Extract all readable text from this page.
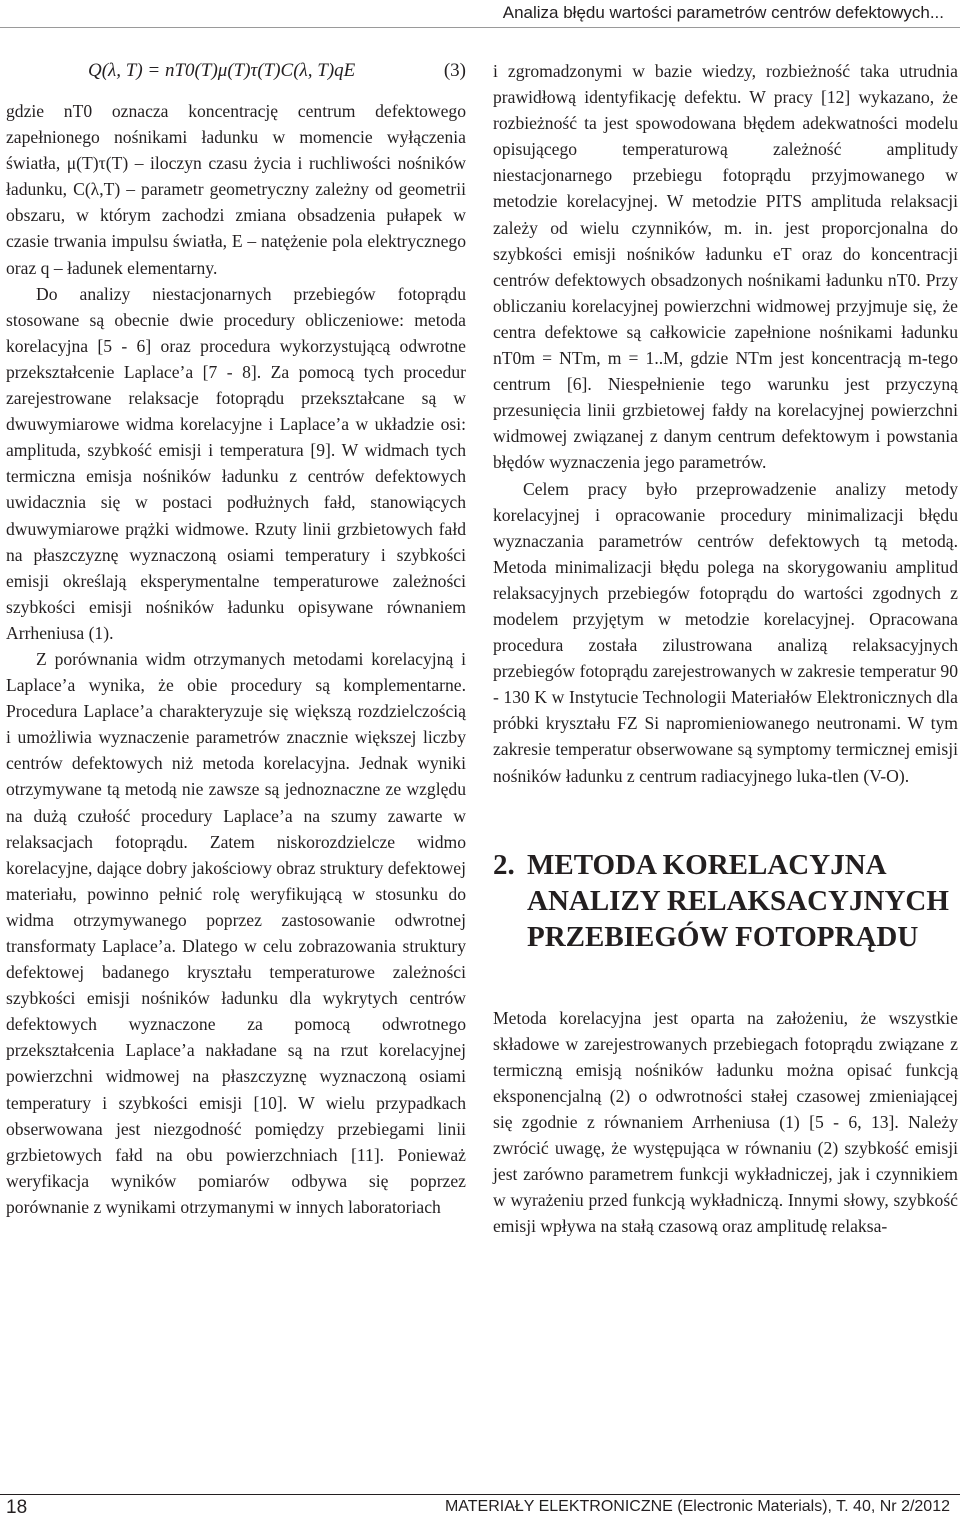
Analiza błędu wartości parametrów centrów defektowych...
Q(λ, T) = nT0(T)μ(T)τ(T)C(λ, T)qE	(3)

gdzie nT0 oznacza koncentrację centrum defektowego zapełnionego nośnikami ładunku w momencie wyłączenia światła, μ(T)τ(T) – iloczyn czasu życia i ruchliwości nośników ładunku, C(λ,T) – parametr geometryczny zależny od geometrii obszaru, w którym zachodzi zmiana obsadzenia pułapek w czasie trwania impulsu światła, E – natężenie pola elektrycznego oraz q – ładunek elementarny.

Do analizy niestacjonarnych przebiegów fotoprądu stosowane są obecnie dwie procedury obliczeniowe: metoda korelacyjna [5 - 6] oraz procedura wykorzystującą odwrotne przekształcenie Laplace’a [7 - 8]. Za pomocą tych procedur zarejestrowane relaksacje fotoprądu przekształcane są w dwuwymiarowe widma korelacyjne i Laplace’a w układzie osi: amplituda, szybkość emisji i temperatura [9]. W widmach tych termiczna emisja nośników ładunku z centrów defektowych uwidacznia się w postaci podłużnych fałd, stanowiących dwuwymiarowe prążki widmowe. Rzuty linii grzbietowych fałd na płaszczyznę wyznaczoną osiami temperatury i szybkości emisji określają eksperymentalne temperaturowe zależności szybkości emisji nośników ładunku opisywane równaniem Arrheniusa (1).

Z porównania widm otrzymanych metodami korelacyjną i Laplace’a wynika, że obie procedury są komplementarne. Procedura Laplace’a charakteryzuje się większą rozdzielczością i umożliwia wyznaczenie parametrów znacznie większej liczby centrów defektowych niż metoda korelacyjna. Jednak wyniki otrzymywane tą metodą nie zawsze są jednoznaczne ze względu na dużą czułość procedury Laplace’a na szumy zawarte w relaksacjach fotoprądu. Zatem niskorozdzielcze widmo korelacyjne, dające dobry jakościowy obraz struktury defektowej materiału, powinno pełnić rolę weryfikującą w stosunku do widma otrzymywanego poprzez zastosowanie odwrotnej transformaty Laplace’a. Dlatego w celu zobrazowania struktury defektowej badanego kryształu temperaturowe zależności szybkości emisji nośników ładunku dla wykrytych centrów defektowych wyznaczone za pomocą odwrotnego przekształcenia Laplace’a nakładane są na rzut korelacyjnej powierzchni widmowej na płaszczyznę wyznaczoną osiami temperatury i szybkości emisji [10]. W wielu przypadkach obserwowana jest niezgodność pomiędzy przebiegami linii grzbietowych fałd na obu powierzchniach [11]. Ponieważ weryfikacja wyników pomiarów odbywa się poprzez porównanie z wynikami otrzymanymi w innych laboratoriach

i zgromadzonymi w bazie wiedzy, rozbieżność taka utrudnia prawidłową identyfikację defektu. W pracy [12] wykazano, że rozbieżność ta jest spowodowana błędem adekwatności modelu opisującego temperaturową zależność amplitudy niestacjonarnego przebiegu fotoprądu przyjmowanego w metodzie korelacyjnej. W metodzie PITS amplituda relaksacji zależy od wielu czynników, m. in. jest proporcjonalna do szybkości emisji nośników ładunku eT oraz do koncentracji centrów defektowych obsadzonych nośnikami ładunku nT0. Przy obliczaniu korelacyjnej powierzchni widmowej przyjmuje się, że centra defektowe są całkowicie zapełnione nośnikami ładunku nT0m = NTm, m = 1..M, gdzie NTm jest koncentracją m-tego centrum [6]. Niespełnienie tego warunku jest przyczyną przesunięcia linii grzbietowej fałdy na korelacyjnej powierzchni widmowej związanej z danym centrum defektowym i powstania błędów wyznaczenia jego parametrów.

Celem pracy było przeprowadzenie analizy metody korelacyjnej i opracowanie procedury minimalizacji błędu wyznaczania parametrów centrów defektowych tą metodą. Metoda minimalizacji błędu polega na skorygowaniu amplitud relaksacyjnych przebiegów fotoprądu do wartości zgodnych z modelem przyjętym w metodzie korelacyjnej. Opracowana procedura została zilustrowana analizą relaksacyjnych przebiegów fotoprądu zarejestrowanych w zakresie temperatur 90 - 130 K w Instytucie Technologii Materiałów Elektronicznych dla próbki kryształu FZ Si napromieniowanego neutronami. W tym zakresie temperatur obserwowane są symptomy termicznej emisji nośników ładunku z centrum radiacyjnego luka-tlen (V-O).

2. METODA KORELACYJNA
ANALIZY RELAKSACYJNYCH
PRZEBIEGÓW FOTOPRĄDU

Metoda korelacyjna jest oparta na założeniu, że wszystkie składowe w zarejestrowanych przebiegach fotoprądu związane z termiczną emisją nośników ładunku można opisać funkcją eksponencjalną (2) o odwrotności stałej czasowej zmieniającej się zgodnie z równaniem Arrheniusa (1) [5 - 6, 13]. Należy zwrócić uwagę, że występująca w równaniu (2) szybkość emisji jest zarówno parametrem funkcji wykładniczej, jak i czynnikiem w wyrażeniu przed funkcją wykładniczą. Innymi słowy, szybkość emisji wpływa na stałą czasową oraz amplitudę relaksa-

18	MATERIAŁY ELEKTRONICZNE (Electronic Materials), T. 40, Nr 2/2012
